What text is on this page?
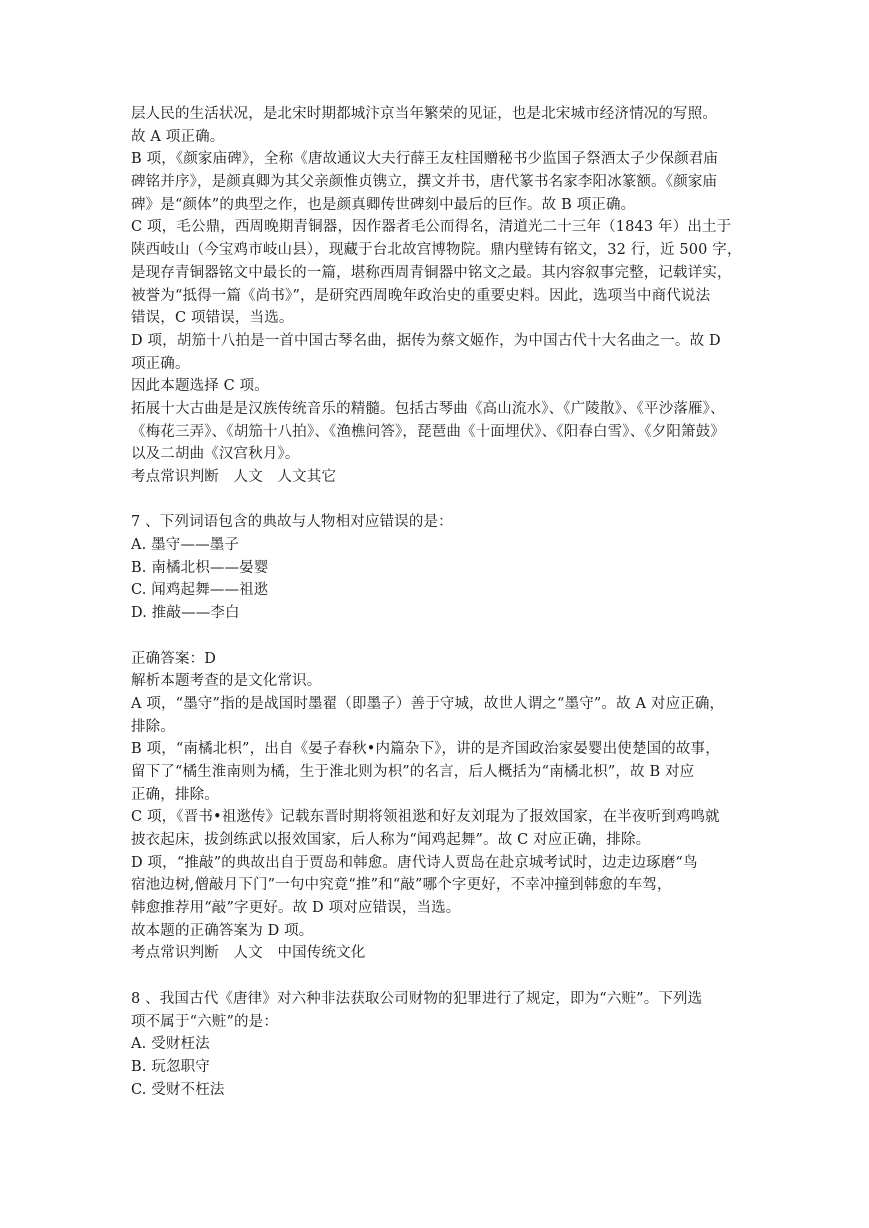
层人民的生活状况，是北宋时期都城汴京当年繁荣的见证，也是北宋城市经济情况的写照。
故 A 项正确。
B 项，《颜家庙碑》，全称《唐故通议大夫行薛王友柱国赠秘书少监国子祭酒太子少保颜君庙
碑铭并序》，是颜真卿为其父亲颜惟贞镌立，撰文并书，唐代篆书名家李阳冰篆额。《颜家庙
碑》是“颜体”的典型之作，也是颜真卿传世碑刻中最后的巨作。故 B 项正确。
C 项，毛公鼎，西周晚期青铜器，因作器者毛公而得名，清道光二十三年（1843 年）出土于
陕西岐山（今宝鸡市岐山县），现藏于台北故宫博物院。鼎内壁铸有铭文，32 行，近 500 字，
是现存青铜器铭文中最长的一篇，堪称西周青铜器中铭文之最。其内容叙事完整，记载详实，
被誉为“抵得一篇《尚书》”，是研究西周晚年政治史的重要史料。因此，选项当中商代说法
错误，C 项错误，当选。
D 项，胡笳十八拍是一首中国古琴名曲，据传为蔡文姬作，为中国古代十大名曲之一。故 D
项正确。
因此本题选择 C 项。
拓展十大古曲是是汉族传统音乐的精髓。包括古琴曲《高山流水》、《广陵散》、《平沙落雁》、
《梅花三弄》、《胡笳十八拍》、《渔樵问答》，琵琶曲《十面埋伏》、《阳春白雪》、《夕阳箫鼓》
以及二胡曲《汉宫秋月》。
考点常识判断　人文　人文其它
7 、下列词语包含的典故与人物相对应错误的是：
A. 墨守——墨子
B. 南橘北枳——晏婴
C. 闻鸡起舞——祖逖
D. 推敲——李白
正确答案：D
解析本题考查的是文化常识。
A 项，“墨守”指的是战国时墨翟（即墨子）善于守城，故世人谓之“墨守”。故 A 对应正确，
排除。
B 项，“南橘北枳”，出自《晏子春秋•内篇杂下》，讲的是齐国政治家晏婴出使楚国的故事，
留下了“橘生淮南则为橘，生于淮北则为枳”的名言，后人概括为“南橘北枳”，故 B 对应
正确，排除。
C 项，《晋书•祖逖传》记载东晋时期将领祖逖和好友刘琨为了报效国家，在半夜听到鸡鸣就
披衣起床，拔剑练武以报效国家，后人称为“闻鸡起舞”。故 C 对应正确，排除。
D 项，“推敲”的典故出自于贾岛和韩愈。唐代诗人贾岛在赴京城考试时，边走边琢磨“鸟
宿池边树,僧敲月下门”一句中究竟“推”和“敲”哪个字更好，不幸冲撞到韩愈的车驾，
韩愈推荐用“敲”字更好。故 D 项对应错误，当选。
故本题的正确答案为 D 项。
考点常识判断　人文　中国传统文化
8 、我国古代《唐律》对六种非法获取公司财物的犯罪进行了规定，即为“六赃”。下列选
项不属于“六赃”的是：
A. 受财枉法
B. 玩忽职守
C. 受财不枉法
